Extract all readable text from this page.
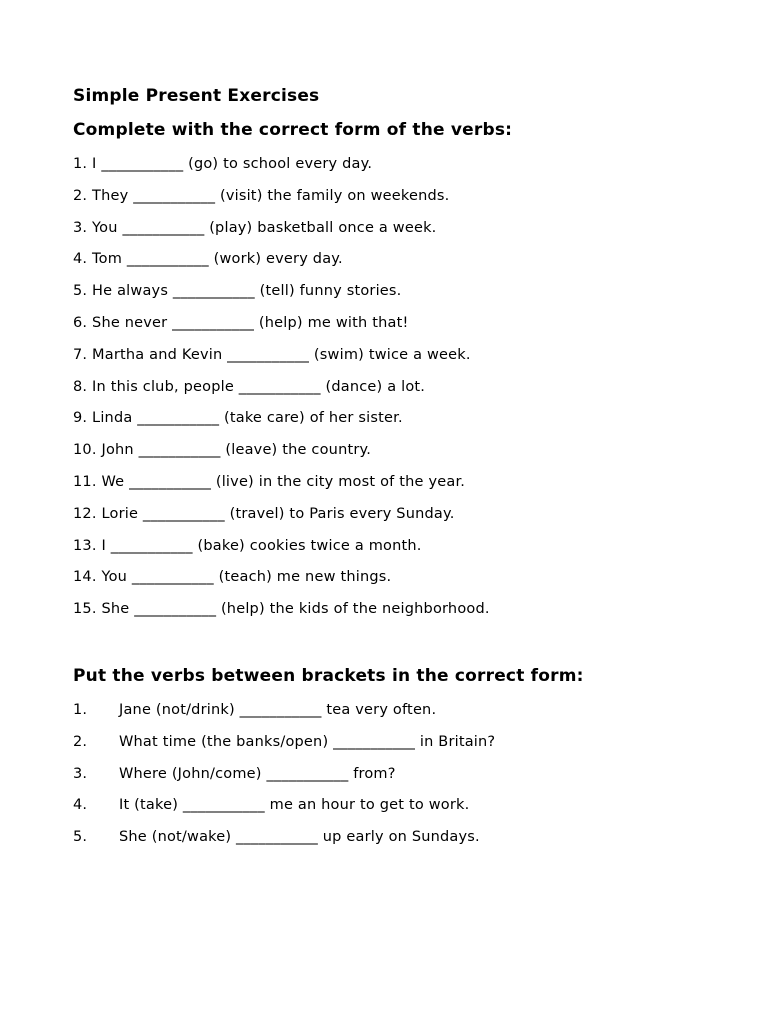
Simple Present Exercises
Complete with the correct form of the verbs:
1. I ___________ (go) to school every day.
2. They ___________ (visit) the family on weekends.
3. You ___________ (play) basketball once a week.
4. Tom ___________ (work) every day.
5. He always ___________ (tell) funny stories.
6. She never ___________ (help) me with that!
7. Martha and Kevin ___________ (swim) twice a week.
8. In this club, people ___________ (dance) a lot.
9. Linda ___________ (take care) of her sister.
10. John ___________ (leave) the country.
11. We ___________ (live) in the city most of the year.
12. Lorie ___________ (travel) to Paris every Sunday.
13. I ___________ (bake) cookies twice a month.
14. You ___________ (teach) me new things.
15. She ___________ (help) the kids of the neighborhood.
Put the verbs between brackets in the correct form:
1. Jane (not/drink) ___________ tea very often.
2. What time (the banks/open) ___________ in Britain?
3. Where (John/come) ___________ from?
4. It (take) ___________ me an hour to get to work.
5. She (not/wake) ___________ up early on Sundays.
